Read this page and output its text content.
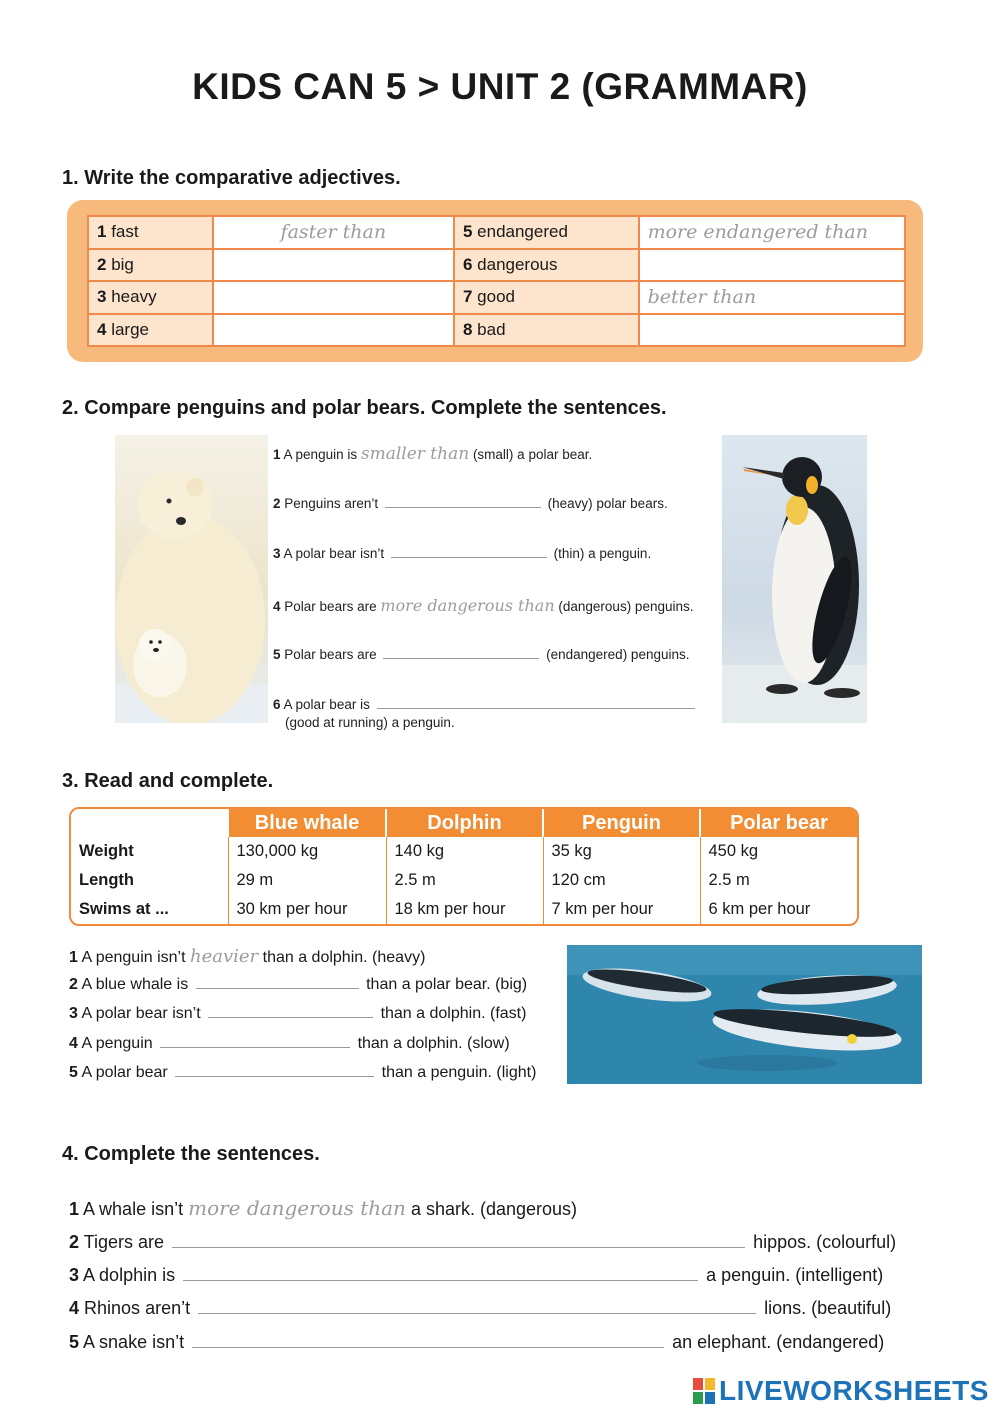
KIDS CAN 5 > UNIT 2 (GRAMMAR)
1. Write the comparative adjectives.
1 fast	faster than	5 endangered	more endangered than
2 big		6 dangerous	
3 heavy		7 good	better than
4 large		8 bad	
2. Compare penguins and polar bears. Complete the sentences.
1 A penguin is smaller than (small) a polar bear.
2 Penguins aren’t	(heavy) polar bears.
3 A polar bear isn’t	(thin) a penguin.
4 Polar bears are more dangerous than (dangerous) penguins.
5 Polar bears are	(endangered) penguins.
6 A polar bear is
(good at running) a penguin.
3. Read and complete.
	Blue whale	Dolphin	Penguin	Polar bear
Weight	130,000 kg	140 kg	35 kg	450 kg
Length	29 m	2.5 m	120 cm	2.5 m
Swims at ...	30 km per hour	18 km per hour	7 km per hour	6 km per hour
1 A penguin isn’t heavier than a dolphin. (heavy)
2 A blue whale is	than a polar bear. (big)
3 A polar bear isn’t	than a dolphin. (fast)
4 A penguin	than a dolphin. (slow)
5 A polar bear	than a penguin. (light)
4. Complete the sentences.
1 A whale isn’t more dangerous than a shark. (dangerous)
2 Tigers are	hippos. (colourful)
3 A dolphin is	a penguin. (intelligent)
4 Rhinos aren’t	lions. (beautiful)
5 A snake isn’t	an elephant. (endangered)
LIVEWORKSHEETS
